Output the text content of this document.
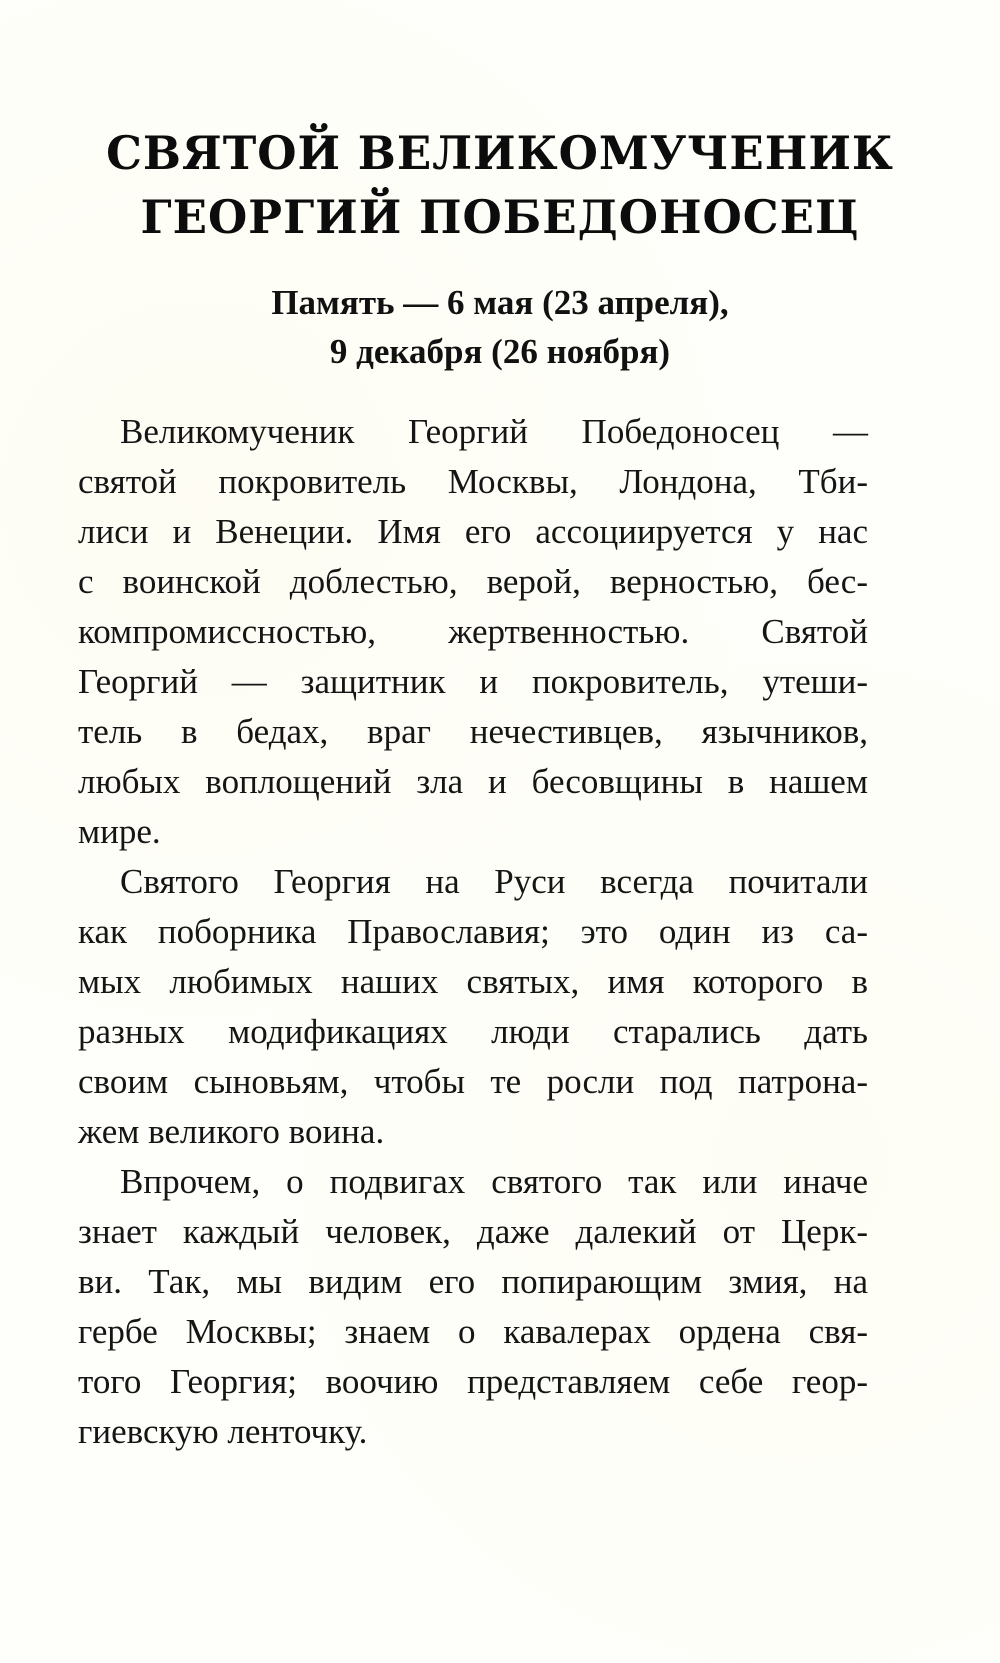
СВЯТОЙ ВЕЛИКОМУЧЕНИК
ГЕОРГИЙ ПОБЕДОНОСЕЦ
Память — 6 мая (23 апреля),
9 декабря (26 ноября)
Великомученик Георгий Победоносец —
святой покровитель Москвы, Лондона, Тби-
лиси и Венеции. Имя его ассоциируется у нас
с воинской доблестью, верой, верностью, бес-
компромиссностью, жертвенностью. Святой
Георгий — защитник и покровитель, утеши-
тель в бедах, враг нечестивцев, язычников,
любых воплощений зла и бесовщины в нашем
мире.
Святого Георгия на Руси всегда почитали
как поборника Православия; это один из са-
мых любимых наших святых, имя которого в
разных модификациях люди старались дать
своим сыновьям, чтобы те росли под патрона-
жем великого воина.
Впрочем, о подвигах святого так или иначе
знает каждый человек, даже далекий от Церк-
ви. Так, мы видим его попирающим змия, на
гербе Москвы; знаем о кавалерах ордена свя-
того Георгия; воочию представляем себе геор-
гиевскую ленточку.
